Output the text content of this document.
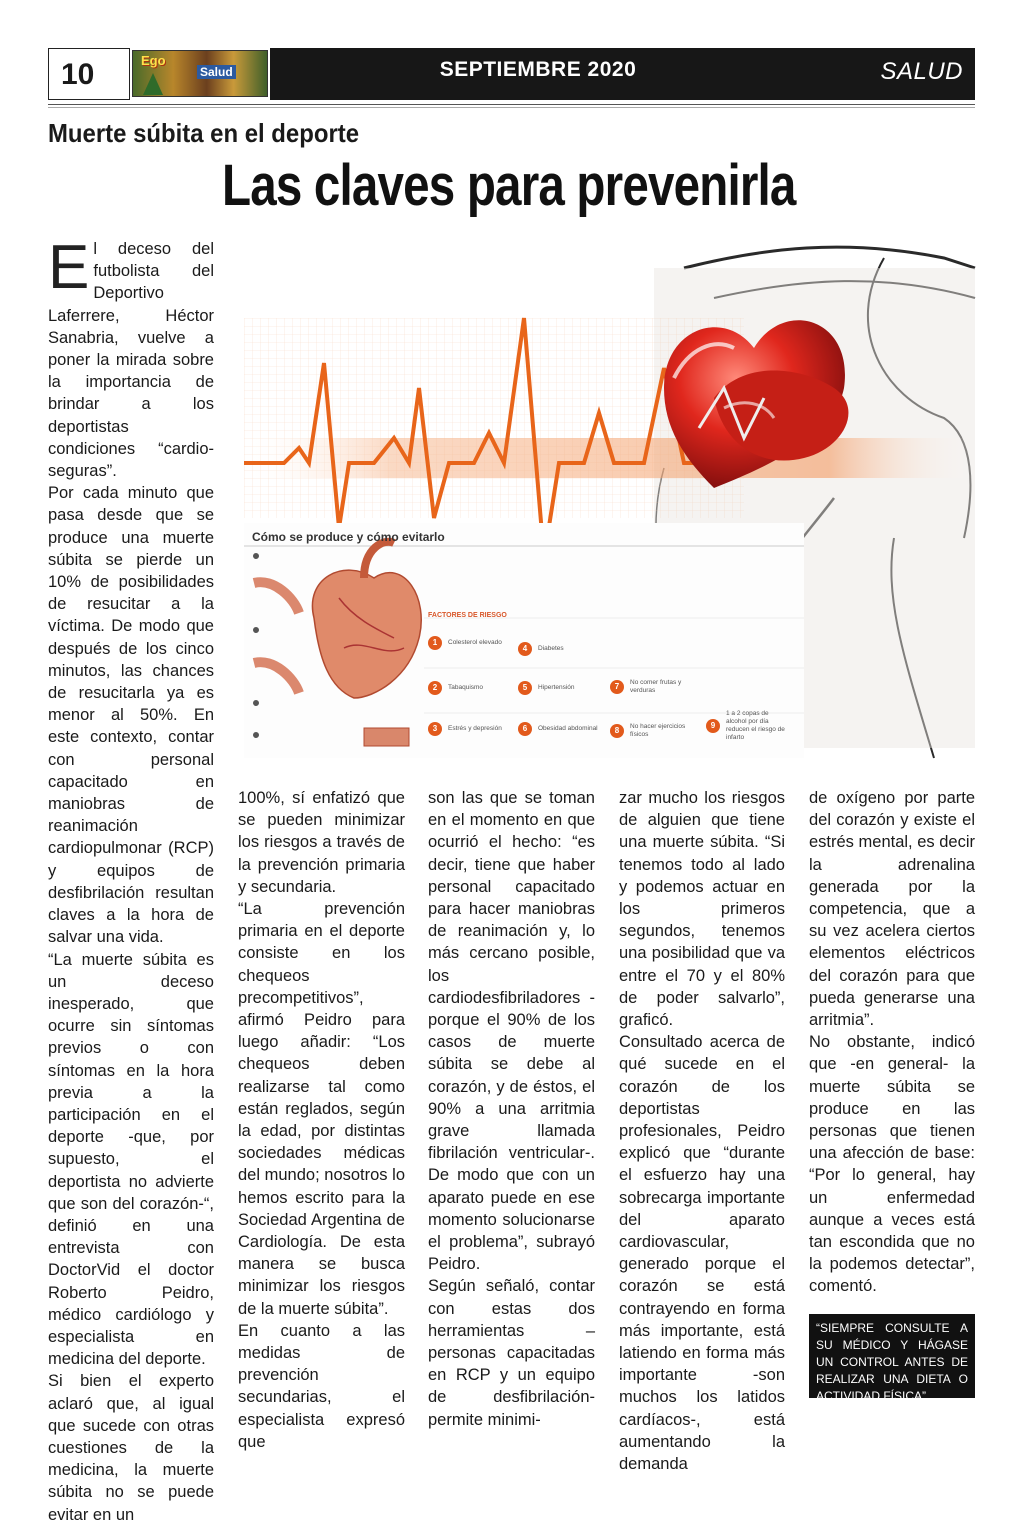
10	Ego
Salud	SEPTIEMBRE 2020	SALUD
Muerte súbita en el deporte
Las claves para prevenirla

El deceso del futbolista del Deportivo Laferrere, Héctor Sanabria, vuelve a poner la mirada sobre la importancia de brindar a los deportistas condiciones “cardio-seguras”.

Por cada minuto que pasa desde que se produce una muerte súbita se pierde un 10% de posibilidades de resucitar a la víctima. De modo que después de los cinco minutos, las chances de resucitarla ya es menor al 50%. En este contexto, contar con personal capacitado en maniobras de reanimación cardiopulmonar (RCP) y equipos de desfibrilación resultan claves a la hora de salvar una vida.

“La muerte súbita es un deceso inesperado, que ocurre sin síntomas previos o con síntomas en la hora previa a la participación en el deporte -que, por supuesto, el deportista no advierte que son del corazón-“, definió en una entrevista con DoctorVid el doctor Roberto Peidro, médico cardiólogo y especialista en medicina del deporte.

Si bien el experto aclaró que, al igual que sucede con otras cuestiones de la medicina, la muerte súbita no se puede evitar en un

Cómo se produce y cómo evitarlo
FACTORES DE RIESGO
1 Colesterol elevado
2 Tabaquismo
3 Estrés y depresión
4 Diabetes
5 Hipertensión
6 Obesidad abdominal
7 No comer frutas y verduras
8 No hacer ejercicios físicos
91 a 2 copas de alcohol por día reducen el riesgo de infarto

100%, sí enfatizó que se pueden minimizar los riesgos a través de la prevención primaria y secundaria.

“La prevención primaria en el deporte consiste en los chequeos precompetitivos”, afirmó Peidro para luego añadir: “Los chequeos deben realizarse tal como están reglados, según la edad, por distintas sociedades médicas del mundo; nosotros lo hemos escrito para la Sociedad Argentina de Cardiología. De esta manera se busca minimizar los riesgos de la muerte súbita”.

En cuanto a las medidas de prevención secundarias, el especialista expresó que

son las que se toman en el momento en que ocurrió el hecho: “es decir, tiene que haber personal capacitado para hacer maniobras de reanimación y, lo más cercano posible, los cardiodesfibriladores -porque el 90% de los casos de muerte súbita se debe al corazón, y de éstos, el 90% a una arritmia grave llamada fibrilación ventricular-. De modo que con un aparato puede en ese momento solucionarse el problema”, subrayó Peidro.

Según señaló, contar con estas dos herramientas –personas capacitadas en RCP y un equipo de desfibrilación- permite minimi-

zar mucho los riesgos de alguien que tiene una muerte súbita. “Si tenemos todo al lado y podemos actuar en los primeros segundos, tenemos una posibilidad que va entre el 70 y el 80% de poder salvarlo”, graficó.

Consultado acerca de qué sucede en el corazón de los deportistas profesionales, Peidro explicó que “durante el esfuerzo hay una sobrecarga importante del aparato cardiovascular, generado porque el corazón se está contrayendo en forma más importante, está latiendo en forma más importante -son muchos los latidos cardíacos-, está aumentando la demanda

de oxígeno por parte del corazón y existe el estrés mental, es decir la adrenalina generada por la competencia, que a su vez acelera ciertos elementos eléctricos del corazón para que pueda generarse una arritmia”.

No obstante, indicó que -en general- la muerte súbita se produce en las personas que tienen una afección de base: “Por lo general, hay un enfermedad aunque a veces está tan escondida que no la podemos detectar”, comentó.

“SIEMPRE CONSULTE A SU MÉDICO Y HÁGASE UN CONTROL ANTES DE REALIZAR UNA DIETA O ACTIVIDAD FÍSICA”
